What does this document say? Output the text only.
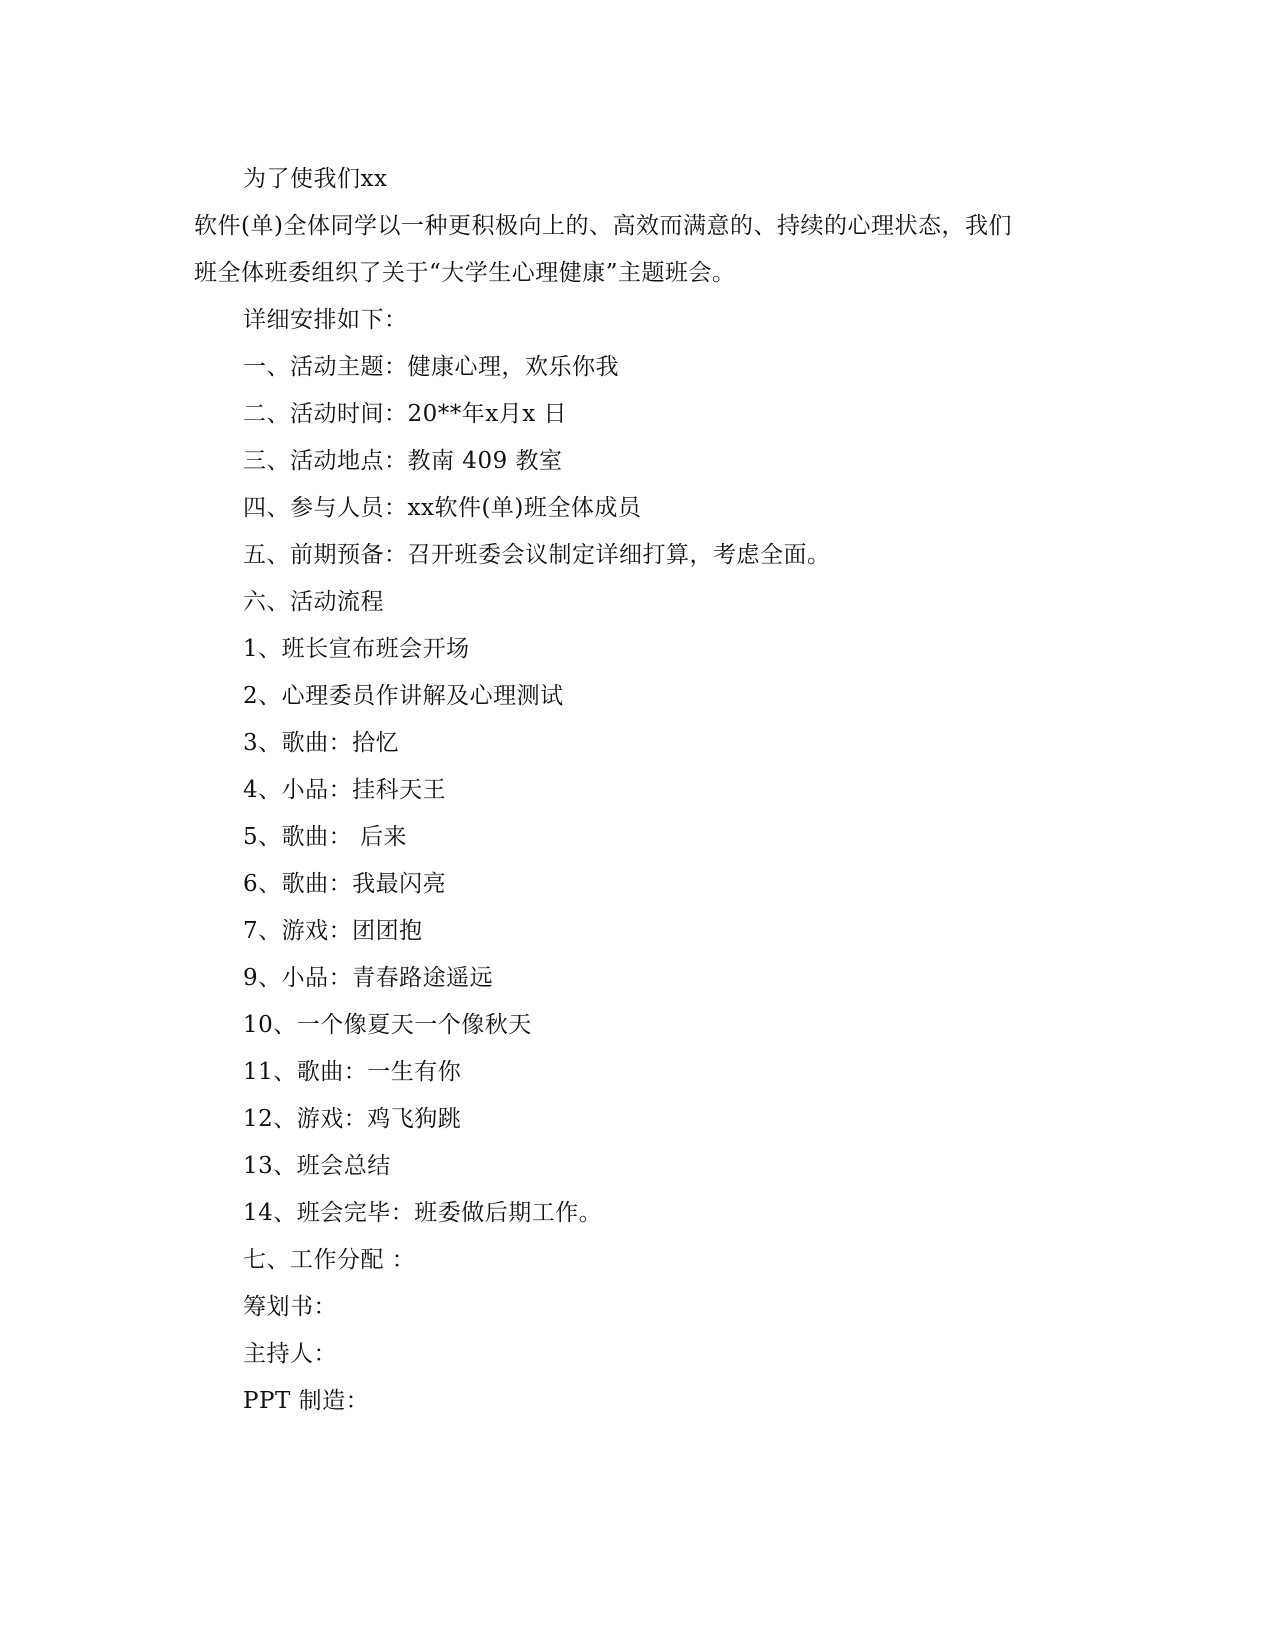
为了使我们xx
软件(单)全体同学以一种更积极向上的、高效而满意的、持续的心理状态，我们
班全体班委组织了关于“大学生心理健康”主题班会。
详细安排如下：
一、活动主题：健康心理，欢乐你我
二、活动时间：20**年x月x 日
三、活动地点：教南 409 教室
四、参与人员：xx软件(单)班全体成员
五、前期预备：召开班委会议制定详细打算，考虑全面。
六、活动流程
1、班长宣布班会开场
2、心理委员作讲解及心理测试
3、歌曲：拾忆
4、小品：挂科天王
5、歌曲： 后来
6、歌曲：我最闪亮
7、游戏：团团抱
9、小品：青春路途遥远
10、一个像夏天一个像秋天
11、歌曲：一生有你
12、游戏：鸡飞狗跳
13、班会总结
14、班会完毕：班委做后期工作。
七、工作分配 ：
筹划书：
主持人：
PPT 制造：
